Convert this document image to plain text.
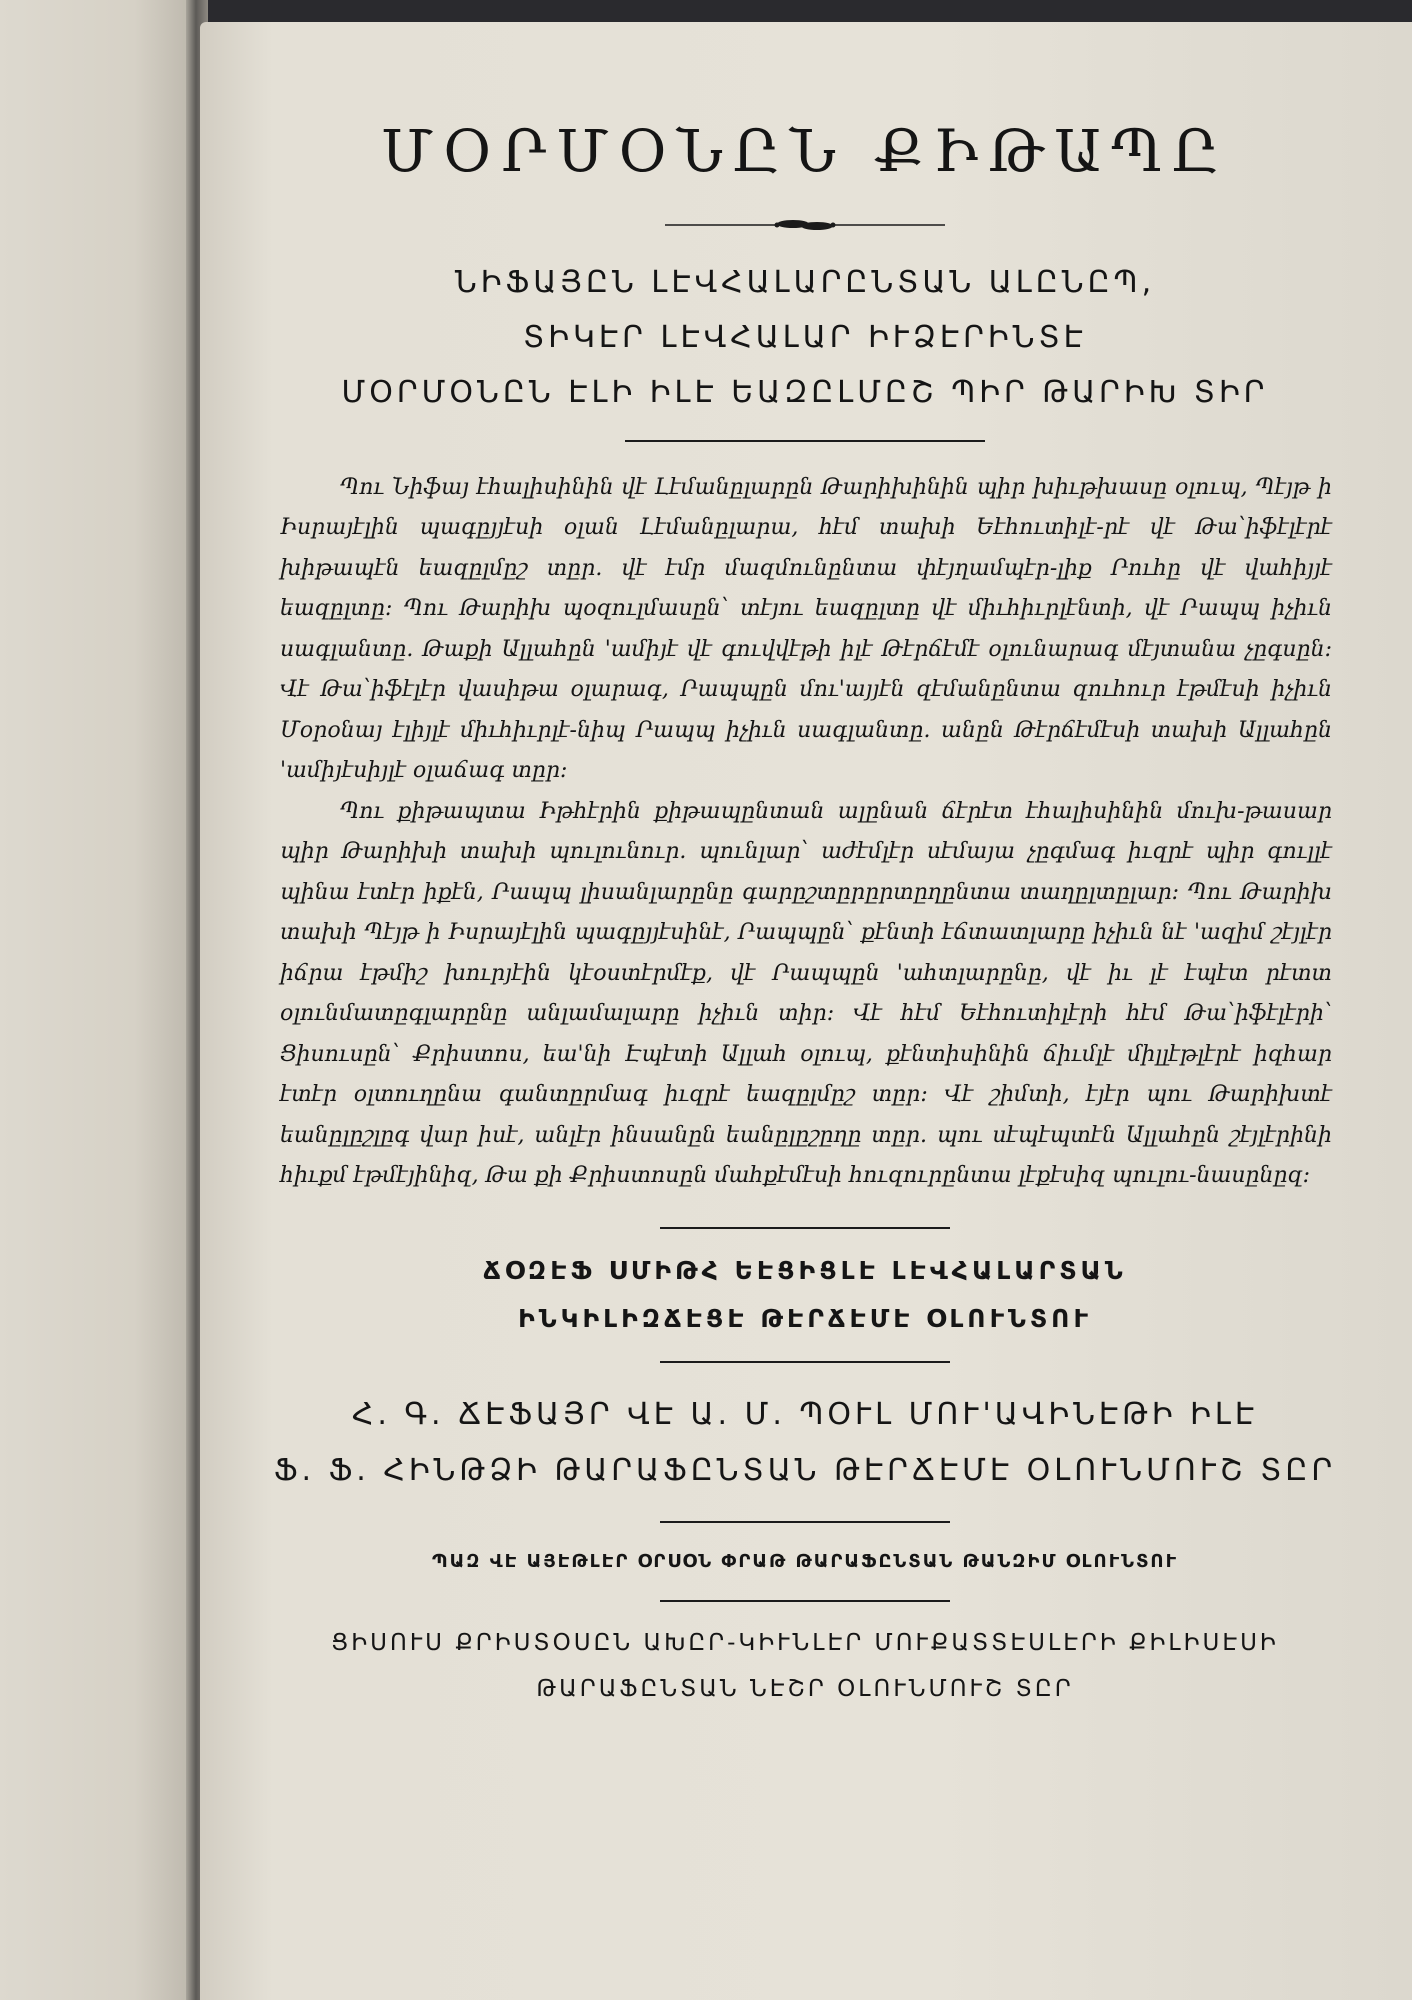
ՄՕՐՄՕՆԸՆ ՔԻԹԱՊԸ

ՆԻՖԱՅԸՆ ԼԷՎՀԱԼԱՐԸՆՏԱՆ ԱԼԸՆԸՊ,

ՏԻԿԷՐ ԼԷՎՀԱԼԱՐ ԻՒՁԷՐԻՆՏԷ

ՄՕՐՄՕՆԸՆ ԷԼԻ ԻԼԷ ԵԱԶԸԼՄԸՇ ՊԻՐ ԹԱՐԻԽ ՏԻՐ

Պու Նիֆայ էհալիսինին վէ Լէմանըլարըն Թարիխինին պիր խիւթխասը օլուպ, Պէյթ ի Իսրայէլին պագըյյէսի օլան Լէմանըլարա, հէմ տախի Եէհուտիլէ-րէ վէ Թա՝իֆէլէրէ խիթապէն եազըլմըշ տըր. վէ էմր մազմունընտա փէյղամպէր-լիք Րուհը վէ վահիյյէ եազըլտը: Պու Թարիխ պօզուլմասըն՝ տէյու եազըլտը վէ միւհիւրլէնտի, վէ Րապպ իչիւն սագլանտը. Թաքի Ալլահըն 'ամիյէ վէ գուվվէթի իլէ Թէրճէմէ օլունարագ մէյտանա չըգսըն: Վէ Թա՝իֆէլէր վասիթա օլարագ, Րապպըն մու'այյէն զէմանընտա զուհուր էթմէսի իչիւն Մօրօնայ էլիյլէ միւհիւրլէ-նիպ Րապպ իչիւն սագլանտը. անըն Թէրճէմէսի տախի Ալլահըն 'ամիյէսիյլէ օլաճագ տըր:

Պու քիթապտա Իթհէրին քիթապընտան ալընան ճէրէտ էհալիսինին մուխ-թասար պիր Թարիխի տախի պուլունուր. պունլար՝ աժէմլէր սէմայա չըգմագ իւզրէ պիր գուլլէ պինա էտէր իքէն, Րապպ լիսանլարընը գարըշտըրըրտըղընտա տաղըլտըլար: Պու Թարիխ տախի Պէյթ ի Իսրայէլին պագըյյէսինէ, Րապպըն՝ քէնտի էճտատլարը իչիւն նէ 'ազիմ շէյլէր իճրա էթմիշ խուրյէին կէօստէրմէք, վէ Րապպըն 'ահտլարընը, վէ իւ լէ էպէտ րէտտ օլունմատըգլարընը անլամալարը իչիւն տիր: Վէ հէմ Եէհուտիլէրի հէմ Թա՝իֆէլէրի՝ Ցիսուսըն՝ Քրիստոս, եա'նի Էպէտի Ալլահ օլուպ, քէնտիսինին ճիւմլէ միլլէթլէրէ իզհար էտէր օլտուղընա գանտըրմագ իւզրէ եազըլմըշ տըր: Վէ շիմտի, էյէր պու Թարիխտէ եանըլըշլըգ վար իսէ, անլէր ինսանըն եանըլըշըղը տըր. պու սէպէպտէն Ալլահըն շէյլէրինի հիւքմ էթմէյինիզ, Թա քի Քրիստոսըն մահքէմէսի հուզուրընտա լէքէսիզ պուլու-նասընըզ:

ՃՕԶԷՖ ՍՄԻԹՀ ԵԷՑԻՑԼԷ ԼԷՎՀԱԼԱՐՏԱՆ

ԻՆԿԻԼԻԶՃԷՑԷ ԹԷՐՃԷՄԷ ՕԼՈՒՆՏՈՒ

Հ. Գ. ՃԷՖԱՅՐ ՎԷ Ա. Մ. ՊՕՒԼ ՄՈՒ'ԱՎԻՆԷԹԻ ԻԼԷ

Ֆ. Ֆ. ՀԻՆԹՁԻ ԹԱՐԱՖԸՆՏԱՆ ԹԷՐՃԷՄԷ ՕԼՈՒՆՄՈՒՇ ՏԸՐ

ՊԱԶ ՎԷ ԱՅԷԹԼԷՐ ՕՐՍՕՆ ՓՐԱԹ ԹԱՐԱՖԸՆՏԱՆ ԹԱՆԶԻՄ ՕԼՈՒՆՏՈՒ

ՑԻՍՈՒՍ ՔՐԻՍՏՕՍԸՆ ԱԽԸՐ-ԿԻՒՆԼԷՐ ՄՈՒՔԱՏՏԷՍԼԷՐԻ ՔԻԼԻՍԷՍԻ

ԹԱՐԱՖԸՆՏԱՆ ՆԷՇՐ ՕԼՈՒՆՄՈՒՇ ՏԸՐ
